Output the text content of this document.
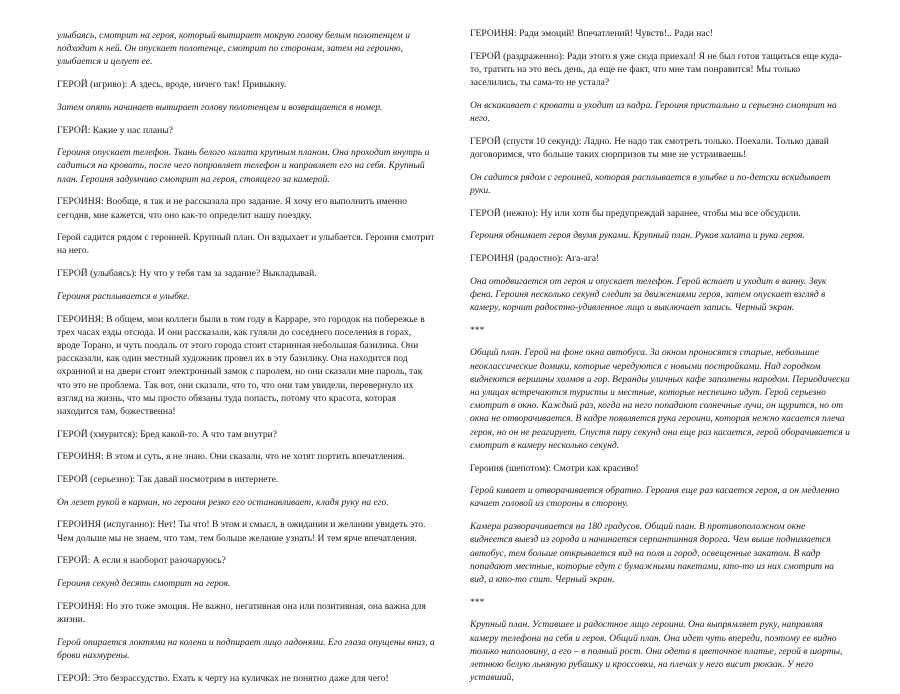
улыбаясь, смотрит на героя, который вытирает мокрую голову белым полотенцем и подходит к ней. Он опускает полотенце, смотрит по сторонам, затем на героиню, улыбается и целует ее.

ГЕРОЙ (игриво): А здесь, вроде, ничего так! Привыкну.

Затем опять начинает вытирает голову полотенцем и возвращается в номер.

ГЕРОЙ: Какие у нас планы?

Героиня опускает телефон. Ткань белого халата крупным планом. Она проходит внутрь и садиться на кровать, после чего поправляет телефон и направляет его на себя. Крупный план. Героиня задумчиво смотрит на героя, стоящего за камерой.

ГЕРОИНЯ: Вообще, я так и не рассказала про задание. Я хочу его выполнить именно сегодня, мне кажется, что оно как-то определит нашу поездку.

Герой садится рядом с героиней. Крупный план. Он вздыхает и улыбается. Героиня смотрит на него.

ГЕРОЙ (улыбаясь): Ну что у тебя там за задание? Выкладывай.

Героиня расплывается в улыбке.

ГЕРОИНЯ: В общем, мои коллеги были в том году в Карраре, это городок на побережье в трех часах езды отсюда. И они рассказали, как гуляли до соседнего поселения в горах, вроде Торано, и чуть поодаль от этого города стоит старинная небольшая базилика. Они рассказали, как один местный художник провел их в эту базилику. Она находится под охранной и на двери стоит электронный замок с паролем, но они сказали мне пароль, так что это не проблема. Так вот, они сказали, что то, что они там увидели, перевернуло их взгляд на жизнь, что мы просто обязаны туда попасть, потому что красота, которая находится там, божественна!

ГЕРОЙ (хмурится): Бред какой-то. А что там внутри?

ГЕРОИНЯ: В этом и суть, я не знаю. Они сказали, что не хотят портить впечатления.

ГЕРОЙ (серьезно): Так давай посмотрим в интернете.

Он лезет рукой в карман, но героиня резко его останавливает, кладя руку на его.

ГЕРОИНЯ (испуганно): Нет! Ты что! В этом и смысл, в ожидании и желании увидеть это. Чем дольше мы не знаем, что там, тем больше желание узнать! И тем ярче впечатления.

ГЕРОЙ: А если я наоборот разочаруюсь?

Героиня секунд десять смотрит на героя.

ГЕРОИНЯ: Но это тоже эмоция. Не важно, негативная она или позитивная, она важна для жизни.

Герой опирается локтями на колени и подпирает лицо ладонями. Его глаза опущены вниз, а брови нахмурены.

ГЕРОЙ: Это безрассудство. Ехать к черту на куличках не понятно даже для чего!

ГЕРОИНЯ: Ради эмоций! Впечатлений! Чувств!.. Ради нас!

ГЕРОЙ (раздраженно): Ради этого я уже сюда приехал! Я не был готов тащиться еще куда-то, тратить на это весь день, да еще не факт, что мне там понравится! Мы только заселились, ты сама-то не устала?

Он вскакивает с кровати и уходит из кадра. Героиня пристально и серьезно смотрит на него.

ГЕРОЙ (спустя 10 секунд): Ладно. Не надо так смотреть только. Поехали. Только давай договоримся, что больше таких сюрпризов ты мне не устраиваешь!

Он садится рядом с героиней, которая расплывается в улыбке и по-детски вскидывает руки.

ГЕРОЙ (нежно): Ну или хотя бы предупреждай заранее, чтобы мы все обсудили.

Героиня обнимает героя двумя руками. Крупный план. Рукав халата и рука героя.

ГЕРОИНЯ (радостно): Ага-ага!

Она отодвигается от героя и опускает телефон. Герой встает и уходит в ванну. Звук фена. Героиня несколько секунд следит за движениями героя, затем опускает взгляд в камеру, корчит радостно-удивленное лицо и выключает запись. Черный экран.

***

Общий план. Герой на фоне окна автобуса. За окном проносятся старые, небольшие неоклассические домики, которые чередуются с новыми постройками. Над городком виднеются вершины холмов и гор. Веранды уличных кафе заполнены народом. Периодически на улицах встречаются туристы и местные, которые неспешно идут. Герой серьезно смотрит в окно. Каждый раз, когда на него попадают солнечные лучи, он щурится, но от окна не отворачивается. В кадре появляется рука героини, которая нежно касается плеча героя, но он не реагирует. Спустя пару секунд она еще раз касается, герой оборачивается и смотрит в камеру несколько секунд.

Героиня (шепотом): Смотри как красиво!

Герой кивает и отворачивается обратно. Героиня еще раз касается героя, а он медленно качает головой из стороны в сторону.

Камера разворачивается на 180 градусов. Общий план. В противоположном окне виднеется выезд из города и начинается серпантинная дорога. Чем выше поднимается автобус, тем больше открывается вид на поля и город, освещенные закатом. В кадр попадают местные, которые едут с бумажными пакетами, кто-то из них смотрит на вид, а кто-то спит. Черный экран.

***

Крупный план. Уставшее и радостное лицо героини. Она выпрямляет руку, направляя камеру телефона на себя и героя. Общий план. Она идет чуть впереди, поэтому ее видно только наполовину, а его – в полный рост. Она одета в цветочное платье, герой в шорты, летнюю белую льняную рубашку и кроссовки, на плечах у него висит рюкзак. У него уставший,
